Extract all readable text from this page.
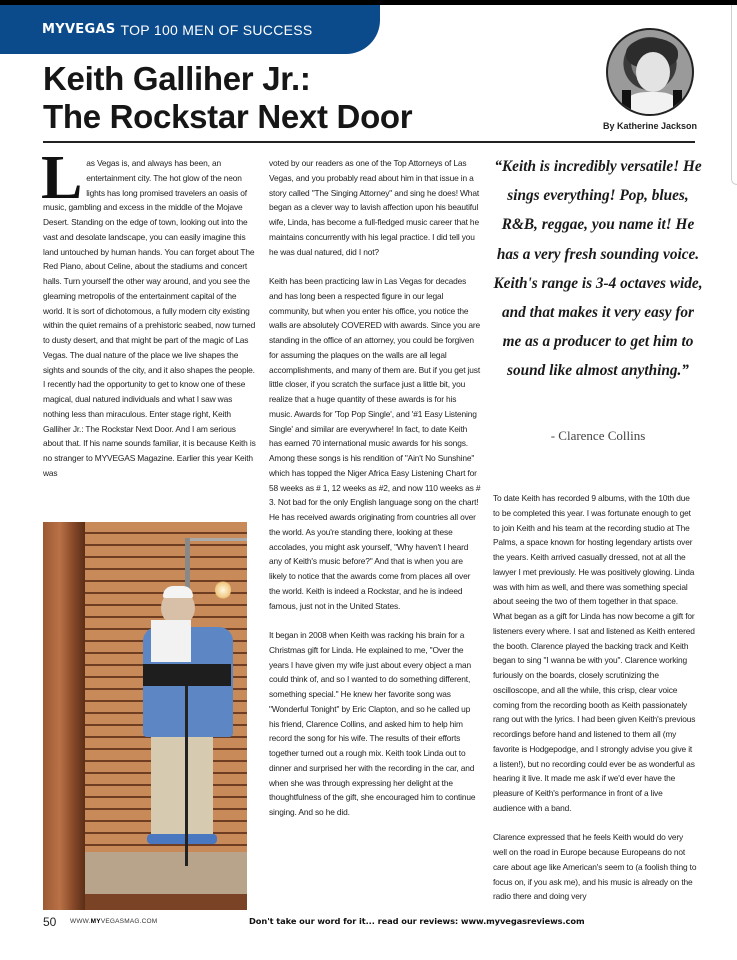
MYVEGAS TOP 100 MEN OF SUCCESS
Keith Galliher Jr.:
The Rockstar Next Door	By Katherine Jackson

Las Vegas is, and always has been, an entertainment city. The hot glow of the neon lights has long promised travelers an oasis of music, gambling and excess in the middle of the Mojave Desert. Standing on the edge of town, looking out into the vast and desolate landscape, you can easily imagine this land untouched by human hands. You can forget about The Red Piano, about Celine, about the stadiums and concert halls. Turn yourself the other way around, and you see the gleaming metropolis of the entertainment capital of the world. It is sort of dichotomous, a fully modern city existing within the quiet remains of a prehistoric seabed, now turned to dusty desert, and that might be part of the magic of Las Vegas. The dual nature of the place we live shapes the sights and sounds of the city, and it also shapes the people. I recently had the opportunity to get to know one of these magical, dual natured individuals and what I saw was nothing less than miraculous. Enter stage right, Keith Galliher Jr.: The Rockstar Next Door. And I am serious about that. If his name sounds familiar, it is because Keith is no stranger to MYVEGAS Magazine. Earlier this year Keith was

voted by our readers as one of the Top Attorneys of Las Vegas, and you probably read about him in that issue in a story called "The Singing Attorney" and sing he does! What began as a clever way to lavish affection upon his beautiful wife, Linda, has become a full-fledged music career that he maintains concurrently with his legal practice. I did tell you he was dual natured, did I not?

Keith has been practicing law in Las Vegas for decades and has long been a respected figure in our legal community, but when you enter his office, you notice the walls are absolutely COVERED with awards. Since you are standing in the office of an attorney, you could be forgiven for assuming the plaques on the walls are all legal accomplishments, and many of them are. But if you get just little closer, if you scratch the surface just a little bit, you realize that a huge quantity of these awards is for his music. Awards for 'Top Pop Single', and '#1 Easy Listening Single' and similar are everywhere! In fact, to date Keith has earned 70 international music awards for his songs. Among these songs is his rendition of "Ain't No Sunshine" which has topped the Niger Africa Easy Listening Chart for 58 weeks as # 1, 12 weeks as #2, and now 110 weeks as # 3. Not bad for the only English language song on the chart! He has received awards originating from countries all over the world. As you're standing there, looking at these accolades, you might ask yourself, "Why haven't I heard any of Keith's music before?" And that is when you are likely to notice that the awards come from places all over the world. Keith is indeed a Rockstar, and he is indeed famous, just not in the United States.

It began in 2008 when Keith was racking his brain for a Christmas gift for Linda. He explained to me, "Over the years I have given my wife just about every object a man could think of, and so I wanted to do something different, something special." He knew her favorite song was "Wonderful Tonight" by Eric Clapton, and so he called up his friend, Clarence Collins, and asked him to help him record the song for his wife. The results of their efforts together turned out a rough mix. Keith took Linda out to dinner and surprised her with the recording in the car, and when she was through expressing her delight at the thoughtfulness of the gift, she encouraged him to continue singing. And so he did.

“Keith is incredibly versatile! He sings everything! Pop, blues, R&B, reggae, you name it! He has a very fresh sounding voice. Keith's range is 3-4 octaves wide, and that makes it very easy for me as a producer to get him to sound like almost anything.”
- Clarence Collins

To date Keith has recorded 9 albums, with the 10th due to be completed this year. I was fortunate enough to get to join Keith and his team at the recording studio at The Palms, a space known for hosting legendary artists over the years. Keith arrived casually dressed, not at all the lawyer I met previously. He was positively glowing. Linda was with him as well, and there was something special about seeing the two of them together in that space. What began as a gift for Linda has now become a gift for listeners every where. I sat and listened as Keith entered the booth. Clarence played the backing track and Keith began to sing "I wanna be with you". Clarence working furiously on the boards, closely scrutinizing the oscilloscope, and all the while, this crisp, clear voice coming from the recording booth as Keith passionately rang out with the lyrics. I had been given Keith's previous recordings before hand and listened to them all (my favorite is Hodgepodge, and I strongly advise you give it a listen!), but no recording could ever be as wonderful as hearing it live. It made me ask if we'd ever have the pleasure of Keith's performance in front of a live audience with a band.

Clarence expressed that he feels Keith would do very well on the road in Europe because Europeans do not care about age like American's seem to (a foolish thing to focus on, if you ask me), and his music is already on the radio there and doing very

50 WWW.MYVEGASMAG.COM	Don't take our word for it... read our reviews: www.myvegasreviews.com
